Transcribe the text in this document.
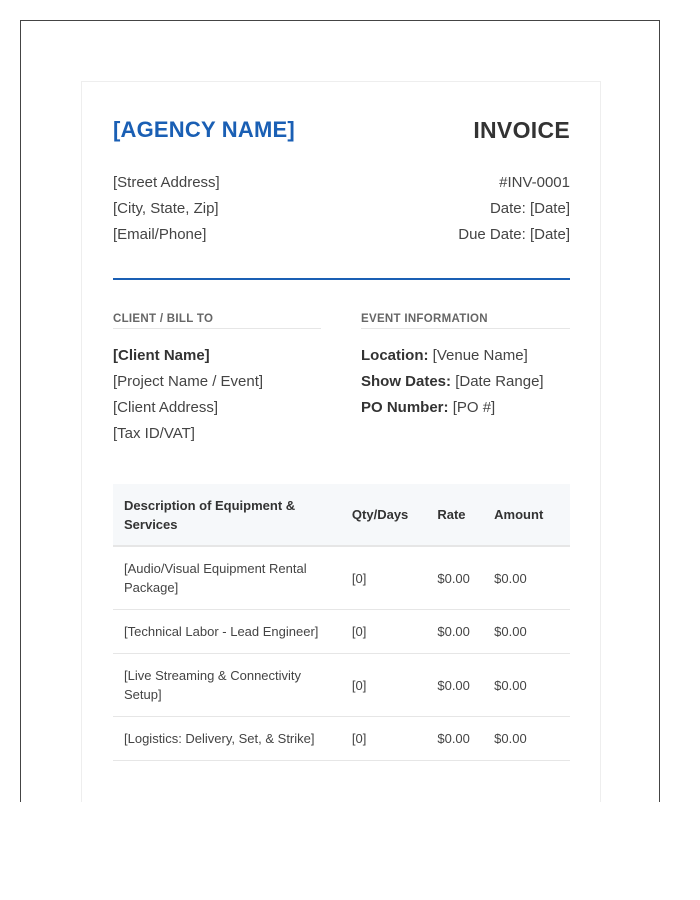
[AGENCY NAME]	INVOICE
[Street Address]
[City, State, Zip]
[Email/Phone]
#INV-0001
Date: [Date]
Due Date: [Date]
CLIENT / BILL TO	EVENT INFORMATION
[Client Name]
[Project Name / Event]
[Client Address]
[Tax ID/VAT]
Location: [Venue Name]
Show Dates: [Date Range]
PO Number: [PO #]
Description of Equipment & Services	Qty/Days	Rate	Amount
[Audio/Visual Equipment Rental Package]	[0]	$0.00	$0.00
[Technical Labor - Lead Engineer]	[0]	$0.00	$0.00
[Live Streaming & Connectivity Setup]	[0]	$0.00	$0.00
[Logistics: Delivery, Set, & Strike]	[0]	$0.00	$0.00
